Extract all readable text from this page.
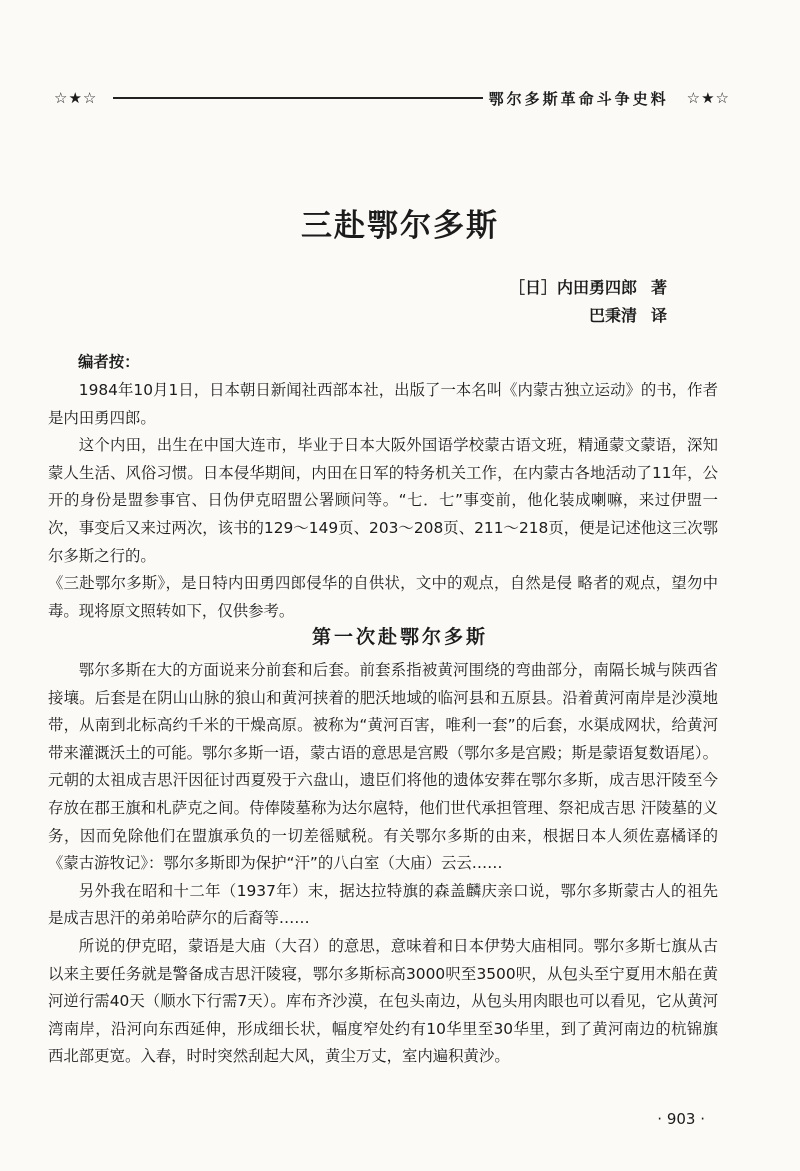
☆★☆	鄂尔多斯革命斗争史料 ☆★☆
三赴鄂尔多斯
［日］内田勇四郎 著
巴秉清 译
编者按：

1984年10月1日，日本朝日新闻社西部本社，出版了一本名叫《内蒙古独立运动》的书，作者是内田勇四郎。

这个内田，出生在中国大连市，毕业于日本大阪外国语学校蒙古语文班，精通蒙文蒙语，深知蒙人生活、风俗习惯。日本侵华期间，内田在日军的特务机关工作，在内蒙古各地活动了11年，公开的身份是盟参事官、日伪伊克昭盟公署顾问等。“七．七”事变前，他化装成喇嘛，来过伊盟一次，事变后又来过两次，该书的129～149页、203～208页、211～218页，便是记述他这三次鄂尔多斯之行的。

《三赴鄂尔多斯》，是日特内田勇四郎侵华的自供状，文中的观点，自然是侵 略者的观点，望勿中毒。现将原文照转如下，仅供参考。

第一次赴鄂尔多斯

鄂尔多斯在大的方面说来分前套和后套。前套系指被黄河围绕的弯曲部分，南隔长城与陕西省接壤。后套是在阴山山脉的狼山和黄河挟着的肥沃地域的临河县和五原县。沿着黄河南岸是沙漠地带，从南到北标高约千米的干燥高原。被称为“黄河百害，唯利一套”的后套，水渠成网状，给黄河带来灌溉沃土的可能。鄂尔多斯一语，蒙古语的意思是宫殿（鄂尔多是宫殿；斯是蒙语复数语尾）。元朝的太祖成吉思汗因征讨西夏殁于六盘山，遗臣们将他的遗体安葬在鄂尔多斯，成吉思汗陵至今存放在郡王旗和札萨克之间。侍俸陵墓称为达尔扈特，他们世代承担管理、祭祀成吉思 汗陵墓的义务，因而免除他们在盟旗承负的一切差徭赋税。有关鄂尔多斯的由来，根据日本人须佐嘉橘译的《蒙古游牧记》：鄂尔多斯即为保护“汗”的八白室（大庙）云云……

另外我在昭和十二年（1937年）末，据达拉特旗的森盖麟庆亲口说，鄂尔多斯蒙古人的祖先是成吉思汗的弟弟哈萨尔的后裔等……

所说的伊克昭，蒙语是大庙（大召）的意思，意味着和日本伊势大庙相同。鄂尔多斯七旗从古以来主要任务就是警备成吉思汗陵寝，鄂尔多斯标高3000呎至3500呎，从包头至宁夏用木船在黄河逆行需40天（顺水下行需7天）。库布齐沙漠，在包头南边，从包头用肉眼也可以看见，它从黄河湾南岸，沿河向东西延伸，形成细长状，幅度窄处约有10华里至30华里，到了黄河南边的杭锦旗西北部更宽。入春，时时突然刮起大风，黄尘万丈，室内遍积黄沙。

· 903 ·
